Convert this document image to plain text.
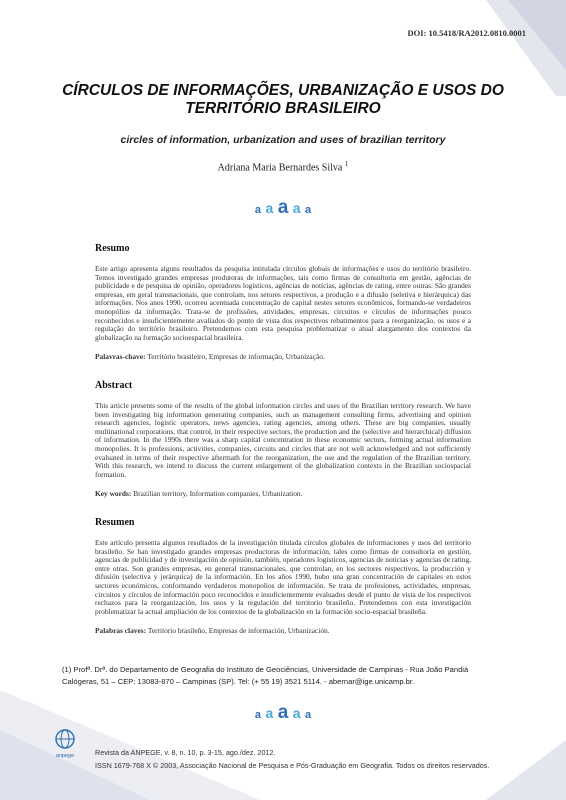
DOI: 10.5418/RA2012.0810.0001
CÍRCULOS DE INFORMAÇÕES, URBANIZAÇÃO E USOS DO
TERRITÓRIO BRASILEIRO
circles of information, urbanization and uses of brazilian territory
Adriana Maria Bernardes Silva $^1$
a a a a a
Resumo

Este artigo apresenta alguns resultados da pesquisa intitulada círculos globais de informações e usos do território brasileiro. Temos investigado grandes empresas produtoras de informações, tais como firmas de consultoria em gestão, agências de publicidade e de pesquisa de opinião, operadores logísticos, agências de notícias, agências de rating, entre outras. São grandes empresas, em geral transnacionais, que controlam, nos setores respectivos, a produção e a difusão (seletiva e hierárquica) das informações. Nos anos 1990, ocorreu acentuada concentração de capital nestes setores econômicos, formando-se verdadeiros monopólios da informação. Trata-se de profissões, atividades, empresas, circuitos e círculos de informações pouco reconhecidos e insuficientemente avaliados do ponto de vista dos respectivos rebatimentos para a reorganização, os usos e a regulação do território brasileiro. Pretendemos com esta pesquisa problematizar o atual alargamento dos contextos da globalização na formação socioespacial brasileira.

Palavras-chave: Território brasileiro, Empresas de informação, Urbanização.
Abstract

This article presents some of the results of the global information circles and uses of the Brazilian territory research. We have been investigating big information generating companies, such as management consulting firms, advertising and opinion research agencies, logistic operators, news agencies, rating agencies, among others. These are big companies, usually multinational corporations, that control, in their respective sectors, the production and the (selective and hierarchical) diffusion of information. In the 1990s there was a sharp capital concentration in these economic sectors, forming actual information monopolies. It is professions, activities, companies, circuits and circles that are not well acknowledged and not sufficiently evaluated in terms of their respective aftermath for the reorganization, the use and the regulation of the Brazilian territory. With this research, we intend to discuss the current enlargement of the globalization contexts in the Brazilian sociospacial formation.

Key words: Brazilian territory, Information companies, Urbanization.
Resumen

Este artículo presenta algunos resultados de la investigación titulada círculos globales de informaciones y usos del territorio brasileño. Se han investigado grandes empresas productoras de información, tales como firmas de consultoría en gestión, agencias de publicidad y de investigación de opinión, también, operadores logísticos, agencias de noticias y agencias de rating, entre otras. Son grandes empresas, en general transnacionales, que controlan, en los sectores respectivos, la producción y difusión (selectiva y jerárquica) de la información. En los años 1990, hubo una gran concentración de capitales en estos sectores económicos, conformando verdaderos monopolios de información. Se trata de profesiones, actividades, empresas, circuitos y círculos de información poco reconocidos e insuficientemente evaluados desde el punto de vista de los respectivos rechazos para la reorganización, los usos y la regulación del territorio brasileño. Pretendemos con esta investigación problematizar la actual ampliación de los contextos de la globalización en la formación socio-espacial brasileña.

Palabras claves: Territorio brasileño, Empresas de información, Urbanización.
(1) Profª. Drª. do Departamento de Geografia do Instituto de Geociências, Universidade de Campinas - Rua João Pandiá
Calógeras, 51 – CEP: 13083-870 – Campinas (SP). Tel: (+ 55 19) 3521 5114. - abernar@ige.unicamp.br.
a a a a a
anpege	Revista da ANPEGE, v. 8, n. 10, p. 3-15, ago./dez. 2012.
ISSN 1679-768 X © 2003, Associação Nacional de Pesquisa e Pós-Graduação em Geografia. Todos os direitos reservados.
